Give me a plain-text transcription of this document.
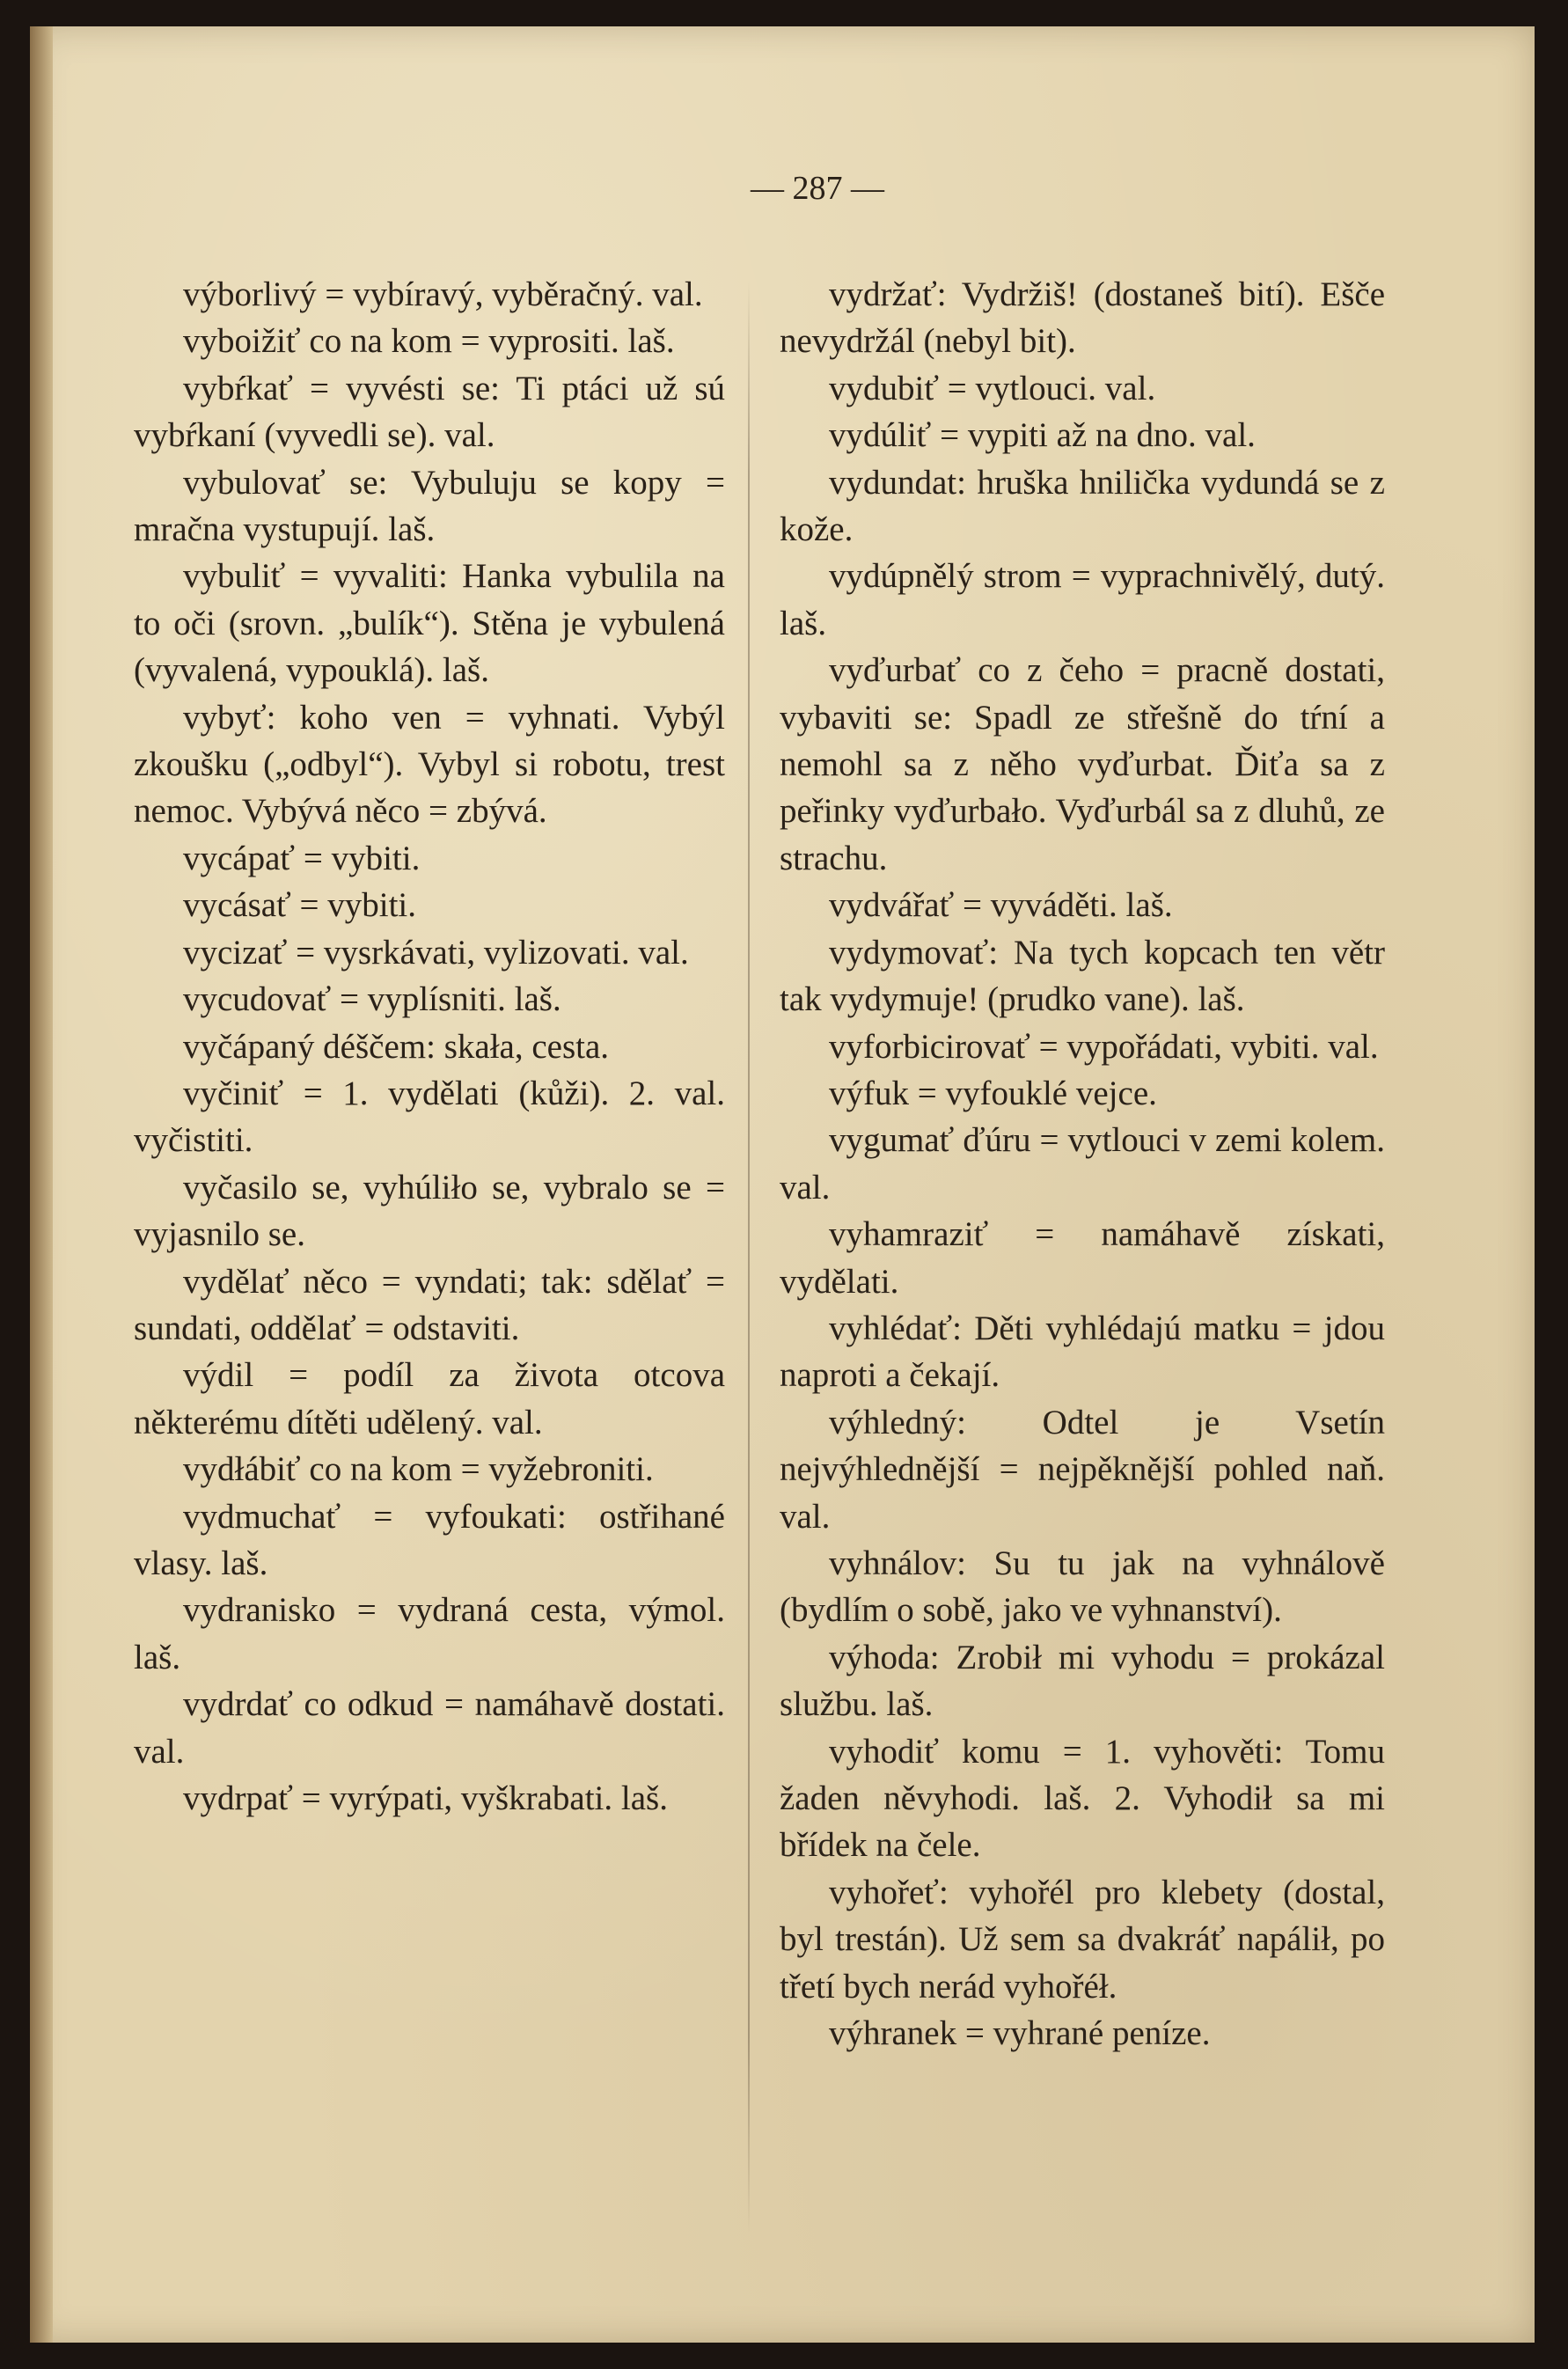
— 287 —

výborlivý = vybíravý, vyběračný. val.

vyboižiť co na kom = vyprositi. laš.

vybŕkať = vyvésti se: Ti ptáci už sú vybŕkaní (vyvedli se). val.

vybulovať se: Vybuluju se kopy = mračna vystupují. laš.

vybuliť = vyvaliti: Hanka vybulila na to oči (srovn. „bulík“). Stěna je vybulená (vyvalená, vypouklá). laš.

vybyť: koho ven = vyhnati. Vybýl zkoušku („odbyl“). Vybyl si robotu, trest nemoc. Vybývá něco = zbývá.

vycápať = vybiti.

vycásať = vybiti.

vycizať = vysrkávati, vylizovati. val.

vycudovať = vyplísniti. laš.

vyčápaný déščem: skała, cesta.

vyčiniť = 1. vydělati (kůži). 2. val. vyčistiti.

vyčasilo se, vyhúliło se, vybralo se = vyjasnilo se.

vydělať něco = vyndati; tak: sdělať = sundati, oddělať = odstaviti.

výdil = podíl za života otcova některému dítěti udělený. val.

vydłábiť co na kom = vyžebroniti.

vydmuchať = vyfoukati: ostřihané vlasy. laš.

vydranisko = vydraná cesta, výmol. laš.

vydrdať co odkud = namáhavě dostati. val.

vydrpať = vyrýpati, vyškrabati. laš.

vydržať: Vydržiš! (dostaneš bití). Ešče nevydržál (nebyl bit).

vydubiť = vytlouci. val.

vydúliť = vypiti až na dno. val.

vydundat: hruška hnilička vydundá se z kože.

vydúpnělý strom = vyprachnivělý, dutý. laš.

vyďurbať co z čeho = pracně dostati, vybaviti se: Spadl ze střešně do tŕní a nemohl sa z něho vyďurbat. Ďiťa sa z peřinky vyďurbało. Vyďurbál sa z dluhů, ze strachu.

vydvářať = vyváděti. laš.

vydymovať: Na tych kopcach ten větr tak vydymuje! (prudko vane). laš.

vyforbicirovať = vypořádati, vybiti. val.

výfuk = vyfouklé vejce.

vygumať ďúru = vytlouci v zemi kolem. val.

vyhamraziť = namáhavě získati, vydělati.

vyhlédať: Děti vyhlédajú matku = jdou naproti a čekají.

výhledný: Odtel je Vsetín nejvýhlednější = nejpěknější pohled naň. val.

vyhnálov: Su tu jak na vyhnálově (bydlím o sobě, jako ve vyhnanství).

výhoda: Zrobił mi vyhodu = prokázal službu. laš.

vyhodiť komu = 1. vyhověti: Tomu žaden něvyhodi. laš. 2. Vyhodił sa mi břídek na čele.

vyhořeť: vyhořél pro klebety (dostal, byl trestán). Už sem sa dvakráť napálił, po třetí bych nerád vyhořéł.

výhranek = vyhrané peníze.
